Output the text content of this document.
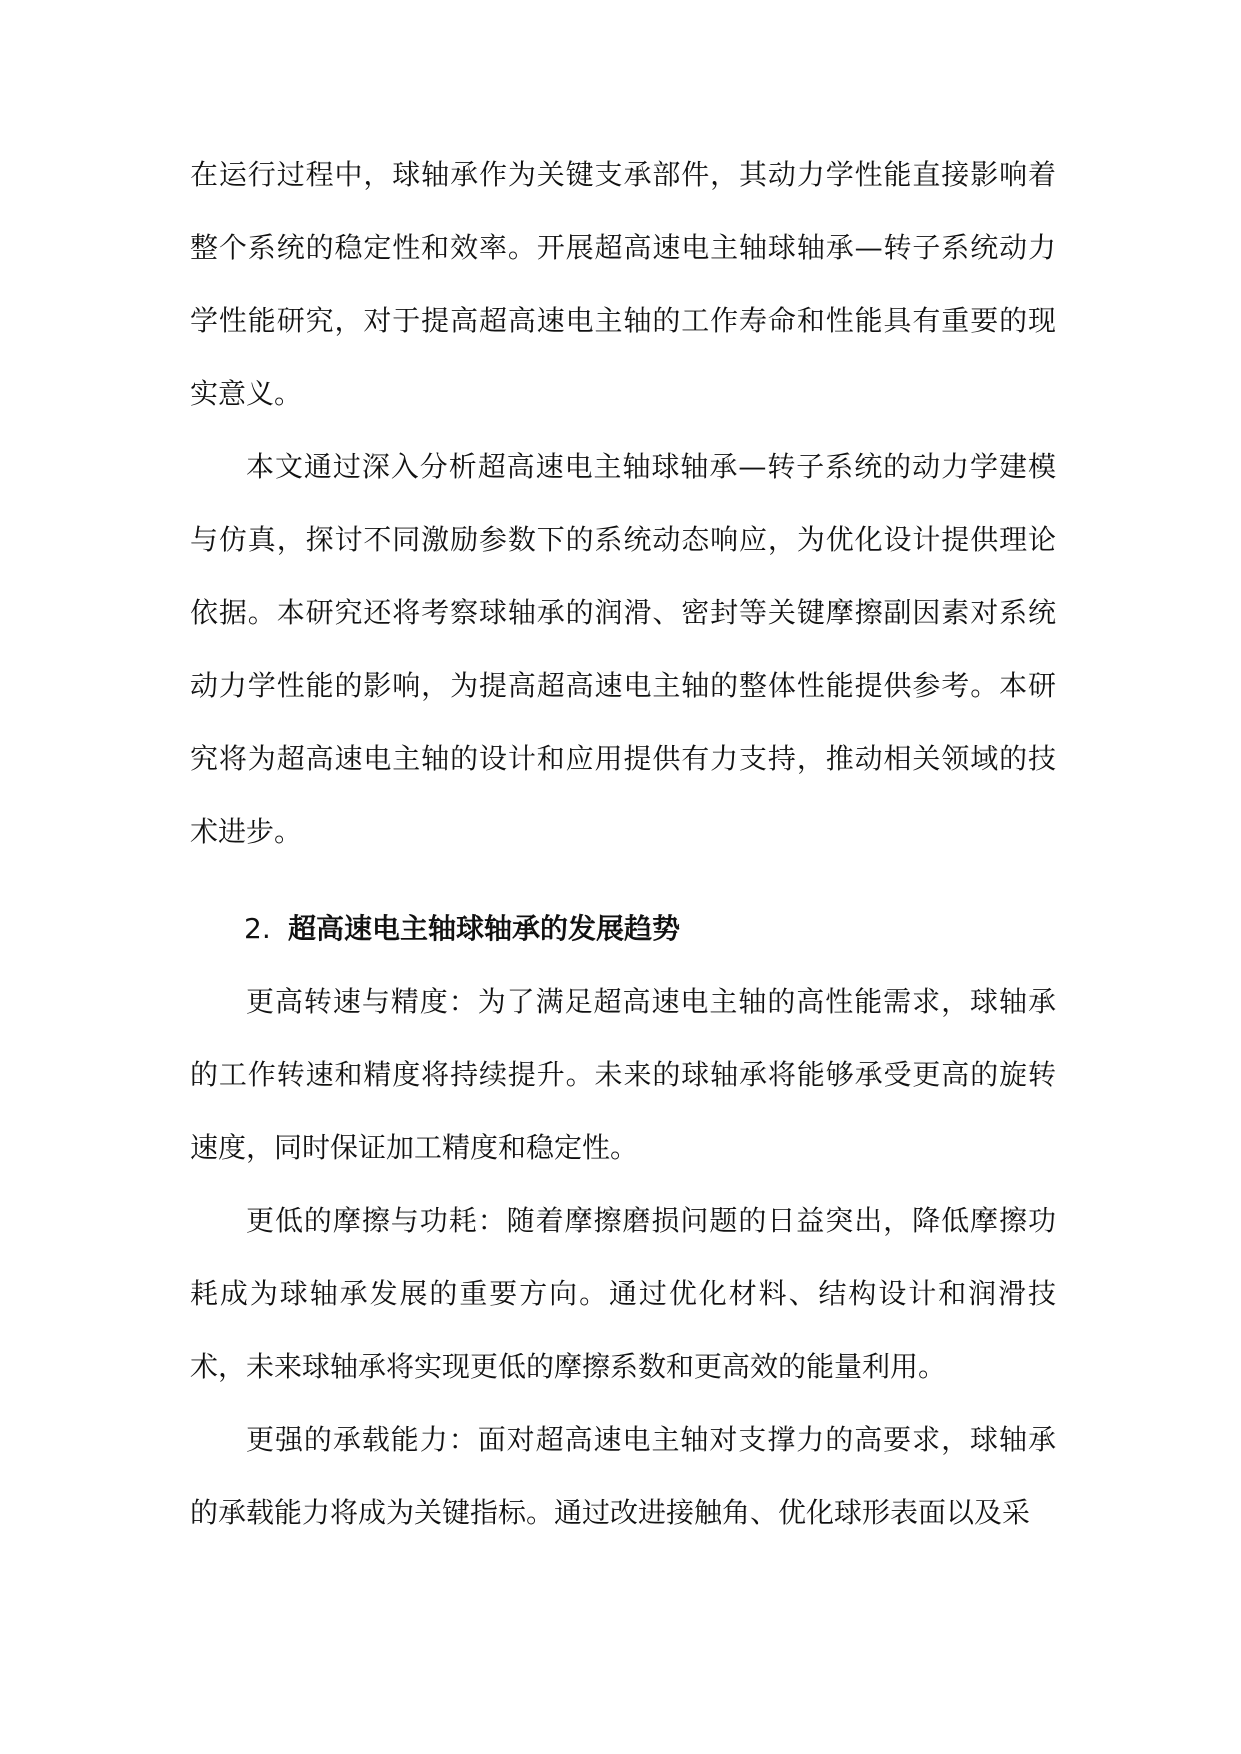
在运行过程中，球轴承作为关键支承部件，其动力学性能直接影响着整个系统的稳定性和效率。开展超高速电主轴球轴承—转子系统动力学性能研究，对于提高超高速电主轴的工作寿命和性能具有重要的现实意义。

本文通过深入分析超高速电主轴球轴承—转子系统的动力学建模与仿真，探讨不同激励参数下的系统动态响应，为优化设计提供理论依据。本研究还将考察球轴承的润滑、密封等关键摩擦副因素对系统动力学性能的影响，为提高超高速电主轴的整体性能提供参考。本研究将为超高速电主轴的设计和应用提供有力支持，推动相关领域的技术进步。

2. 超高速电主轴球轴承的发展趋势

更高转速与精度：为了满足超高速电主轴的高性能需求，球轴承的工作转速和精度将持续提升。未来的球轴承将能够承受更高的旋转速度，同时保证加工精度和稳定性。

更低的摩擦与功耗：随着摩擦磨损问题的日益突出，降低摩擦功耗成为球轴承发展的重要方向。通过优化材料、结构设计和润滑技术，未来球轴承将实现更低的摩擦系数和更高效的能量利用。

更强的承载能力：面对超高速电主轴对支撑力的高要求，球轴承的承载能力将成为关键指标。通过改进接触角、优化球形表面以及采
